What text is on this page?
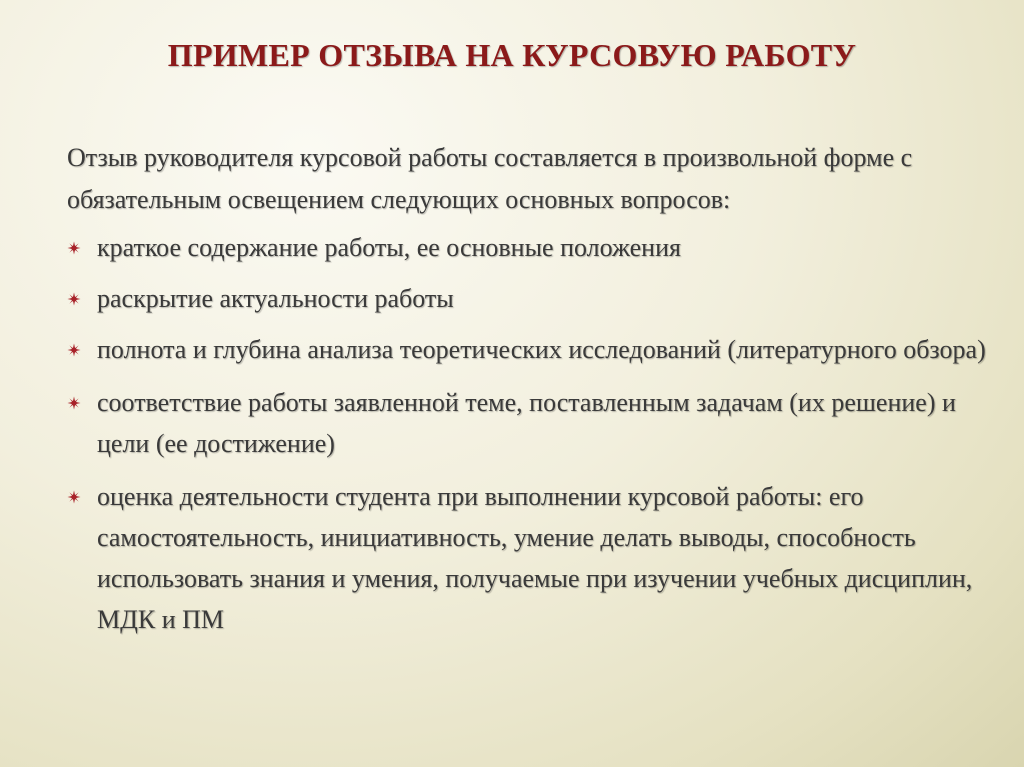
ПРИМЕР ОТЗЫВА НА КУРСОВУЮ РАБОТУ
Отзыв руководителя курсовой работы составляется в произвольной форме с обязательным освещением следующих основных вопросов:
краткое содержание работы, ее основные положения
раскрытие актуальности работы
полнота и глубина анализа теоретических исследований (литературного обзора)
соответствие работы заявленной теме, поставленным задачам (их решение) и цели (ее достижение)
оценка деятельности студента при выполнении курсовой работы: его самостоятельность, инициативность, умение делать выводы, способность использовать знания и умения, получаемые при изучении учебных дисциплин, МДК и ПМ
